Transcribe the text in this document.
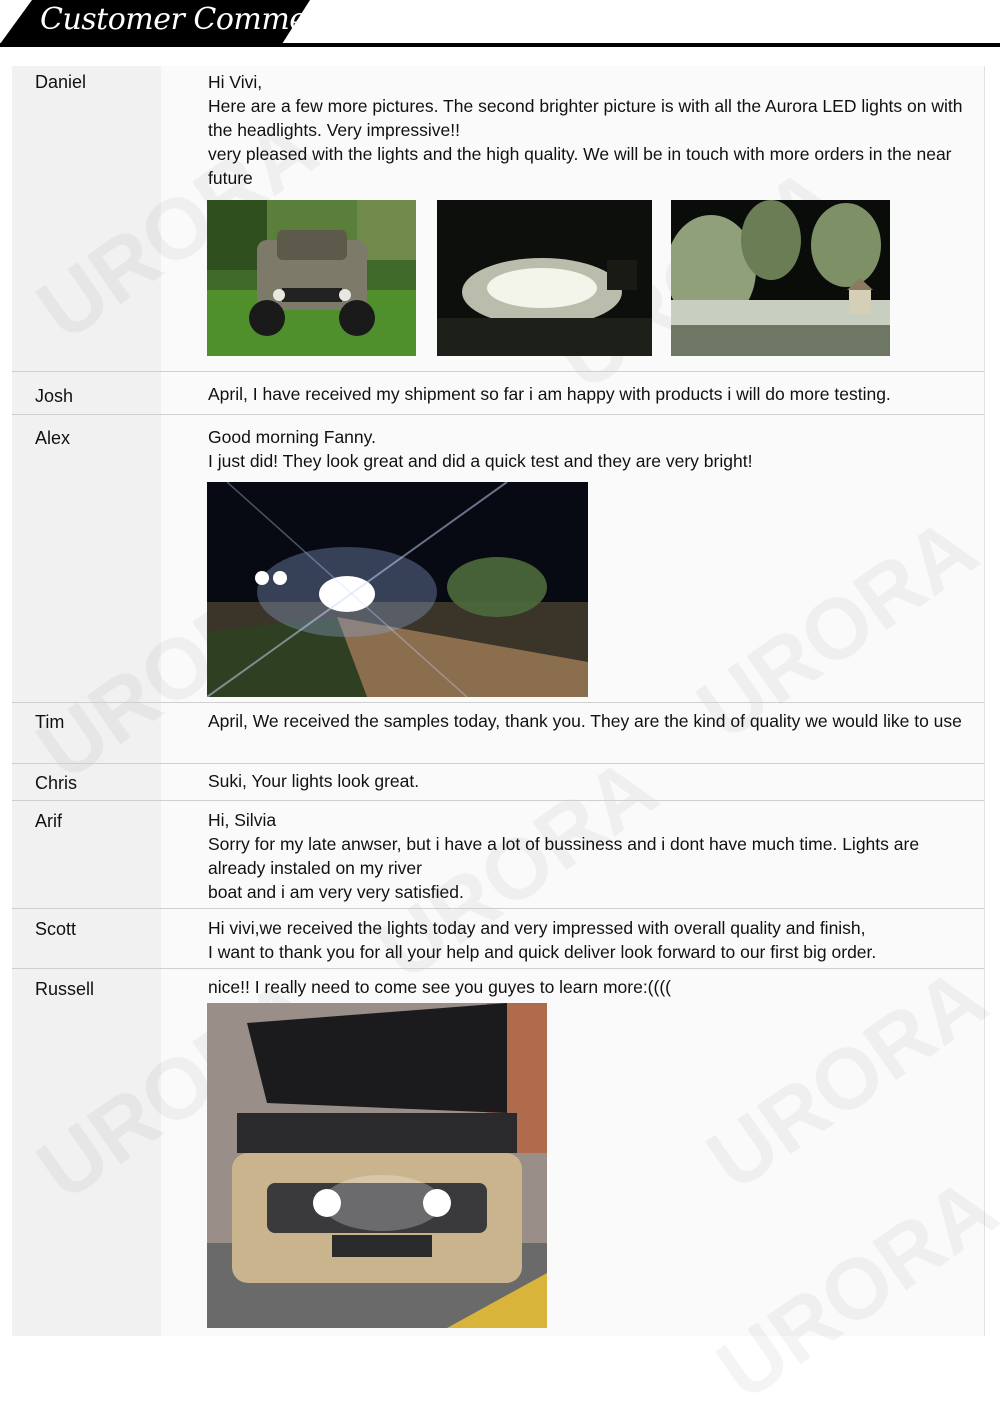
Customer Comments
Daniel	Hi Vivi,

Here are a few more pictures. The second brighter picture is with all the Aurora LED lights on with the headlights. Very impressive!!

very pleased with the lights and the high quality. We will be in touch with more orders in the near future

Josh	April, I have received my shipment so far i am happy with products i will do more testing.

Alex	Good morning Fanny.

I just did! They look great and did a quick test and they are very bright!

Tim	April, We received the samples today, thank you. They are the kind of quality we would like to use

Chris	Suki, Your lights look great.

Arif	Hi, Silvia

Sorry for my late anwser, but i have a lot of bussiness and i dont have much time. Lights are already instaled on my river

boat and i am very very satisfied.

Scott	Hi vivi,we received the lights today and very impressed with overall quality and finish,

I want to thank you for all your help and quick deliver look forward to our first big order.

Russell	nice!! I really need to come see you guyes to learn more:((((
